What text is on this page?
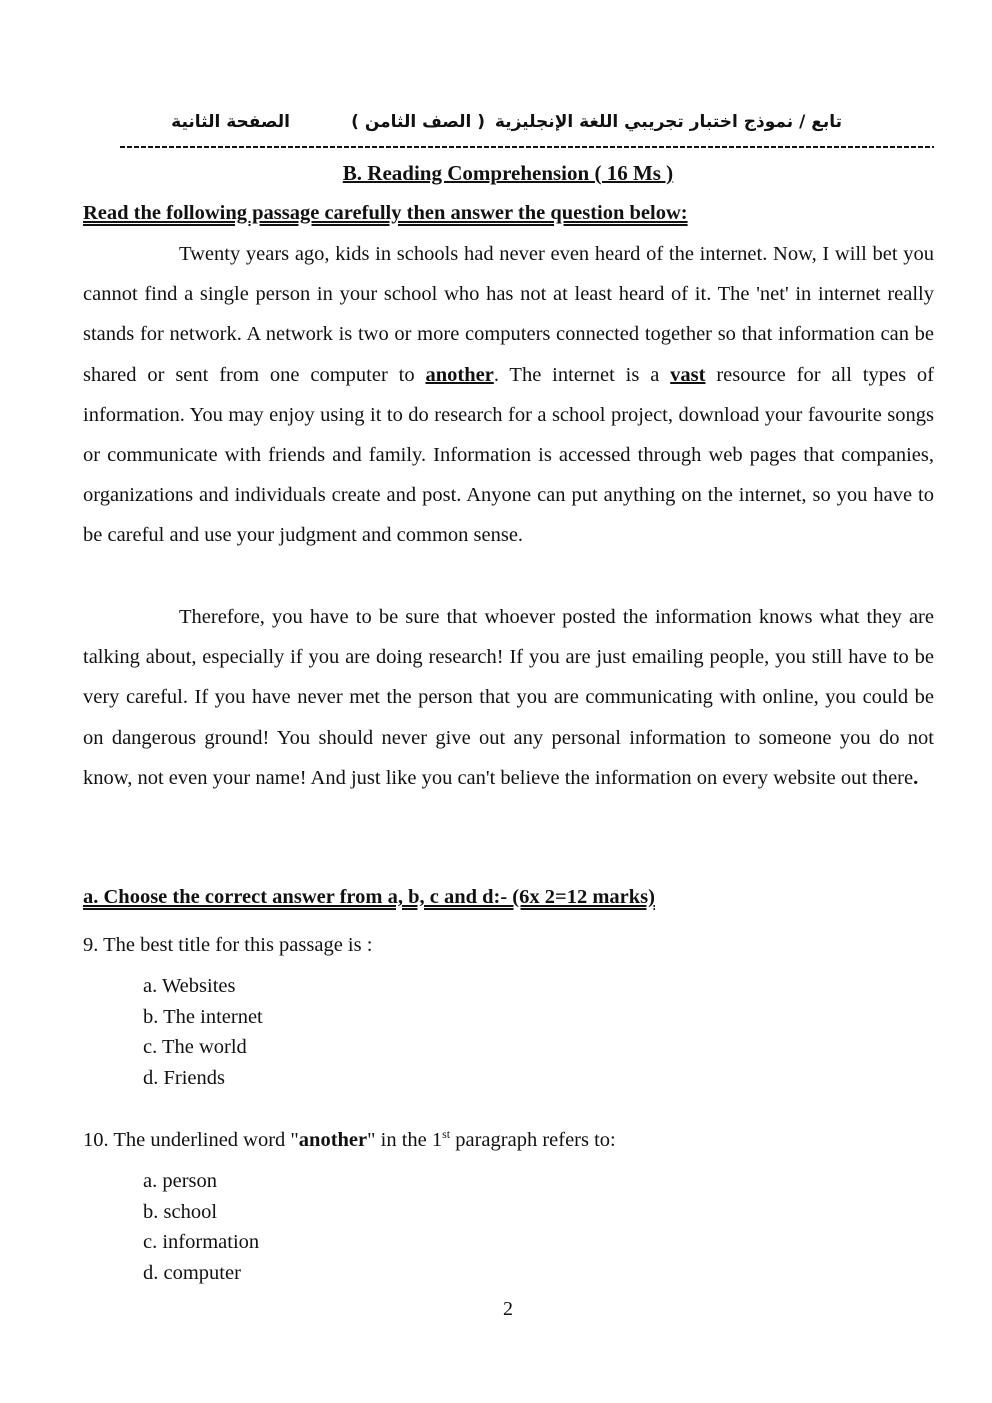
تابع / نموذج اختبار تجريبي اللغة الإنجليزية
( الصف الثامن )
الصفحة الثانية
B. Reading Comprehension ( 16 Ms )
Read the following passage carefully then answer the question below:

Twenty years ago, kids in schools had never even heard of the internet. Now, I will bet you cannot find a single person in your school who has not at least heard of it. The 'net' in internet really stands for network. A network is two or more computers connected together so that information can be shared or sent from one computer to another. The internet is a vast resource for all types of information. You may enjoy using it to do research for a school project, download your favourite songs or communicate with friends and family. Information is accessed through web pages that companies, organizations and individuals create and post. Anyone can put anything on the internet, so you have to be careful and use your judgment and common sense.

Therefore, you have to be sure that whoever posted the information knows what they are talking about, especially if you are doing research! If you are just emailing people, you still have to be very careful. If you have never met the person that you are communicating with online, you could be on dangerous ground! You should never give out any personal information to someone you do not know, not even your name! And just like you can't believe the information on every website out there.

a. Choose the correct answer from a, b, c and d:- (6x 2=12 marks)
9. The best title for this passage is :
a. Websites
b. The internet
c. The world
d. Friends
10. The underlined word "another" in the 1st paragraph refers to:
a. person
b. school
c. information
d. computer
2
